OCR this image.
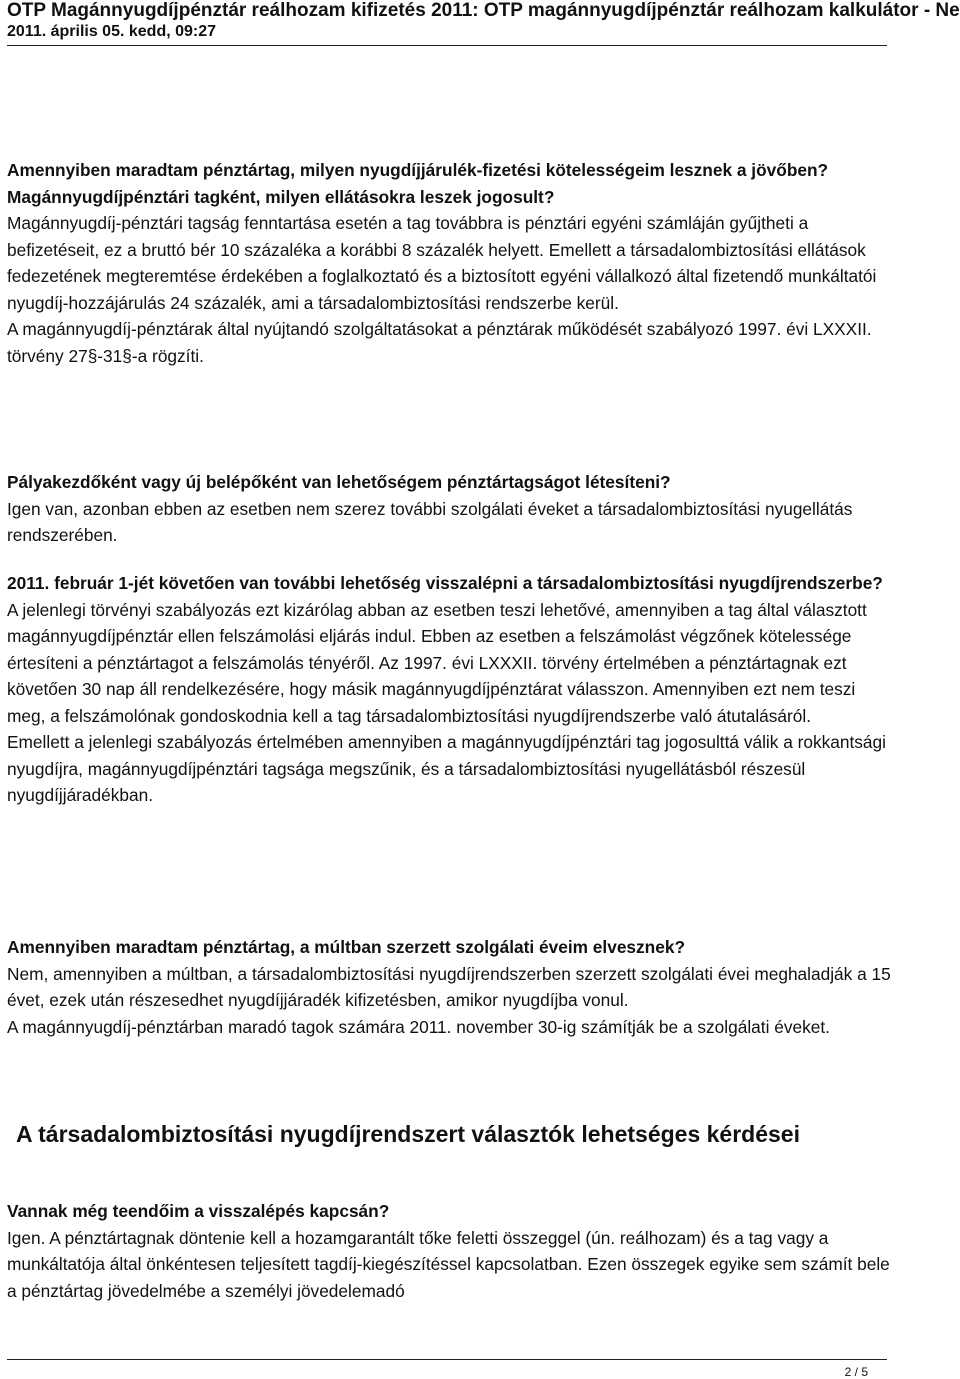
OTP Magánnyugdíjpénztár reálhozam kifizetés 2011: OTP magánnyugdíjpénztár reálhozam kalkulátor - Ne
2011. április 05. kedd, 09:27

Amennyiben maradtam pénztártag, milyen nyugdíjjárulék-fizetési kötelességeim lesznek a jövőben? Magánnyugdíjpénztári tagként, milyen ellátásokra leszek jogosult?

Magánnyugdíj-pénztári tagság fenntartása esetén a tag továbbra is pénztári egyéni számláján gyűjtheti a befizetéseit, ez a bruttó bér 10 százaléka a korábbi 8 százalék helyett. Emellett a társadalombiztosítási ellátások fedezetének megteremtése érdekében a foglalkoztató és a biztosított egyéni vállalkozó által fizetendő munkáltatói nyugdíj-hozzájárulás 24 százalék, ami a társadalombiztosítási rendszerbe kerül.

A magánnyugdíj-pénztárak által nyújtandó szolgáltatásokat a pénztárak működését szabályozó 1997. évi LXXXII. törvény 27§-31§-a rögzíti.

Pályakezdőként vagy új belépőként van lehetőségem pénztártagságot létesíteni?

Igen van, azonban ebben az esetben nem szerez további szolgálati éveket a társadalombiztosítási nyugellátás rendszerében.

2011. február 1-jét követően van további lehetőség visszalépni a társadalombiztosítási nyugdíjrendszerbe?

A jelenlegi törvényi szabályozás ezt kizárólag abban az esetben teszi lehetővé, amennyiben a tag által választott magánnyugdíjpénztár ellen felszámolási eljárás indul. Ebben az esetben a felszámolást végzőnek kötelessége értesíteni a pénztártagot a felszámolás tényéről. Az 1997. évi LXXXII. törvény értelmében a pénztártagnak ezt követően 30 nap áll rendelkezésére, hogy másik magánnyugdíjpénztárat válasszon. Amennyiben ezt nem teszi meg, a felszámolónak gondoskodnia kell a tag társadalombiztosítási nyugdíjrendszerbe való átutalásáról.

Emellett a jelenlegi szabályozás értelmében amennyiben a magánnyugdíjpénztári tag jogosulttá válik a rokkantsági nyugdíjra, magánnyugdíjpénztári tagsága megszűnik, és a társadalombiztosítási nyugellátásból részesül nyugdíjjáradékban.

Amennyiben maradtam pénztártag, a múltban szerzett szolgálati éveim elvesznek?

Nem, amennyiben a múltban, a társadalombiztosítási nyugdíjrendszerben szerzett szolgálati évei meghaladják a 15 évet, ezek után részesedhet nyugdíjjáradék kifizetésben, amikor nyugdíjba vonul.

A magánnyugdíj-pénztárban maradó tagok számára 2011. november 30-ig számítják be a szolgálati éveket.

A társadalombiztosítási nyugdíjrendszert választók lehetséges kérdései

Vannak még teendőim a visszalépés kapcsán?

Igen. A pénztártagnak döntenie kell a hozamgarantált tőke feletti összeggel (ún. reálhozam) és a tag vagy a munkáltatója által önkéntesen teljesített tagdíj-kiegészítéssel kapcsolatban. Ezen összegek egyike sem számít bele a pénztártag jövedelmébe a személyi jövedelemadó

2 / 5
